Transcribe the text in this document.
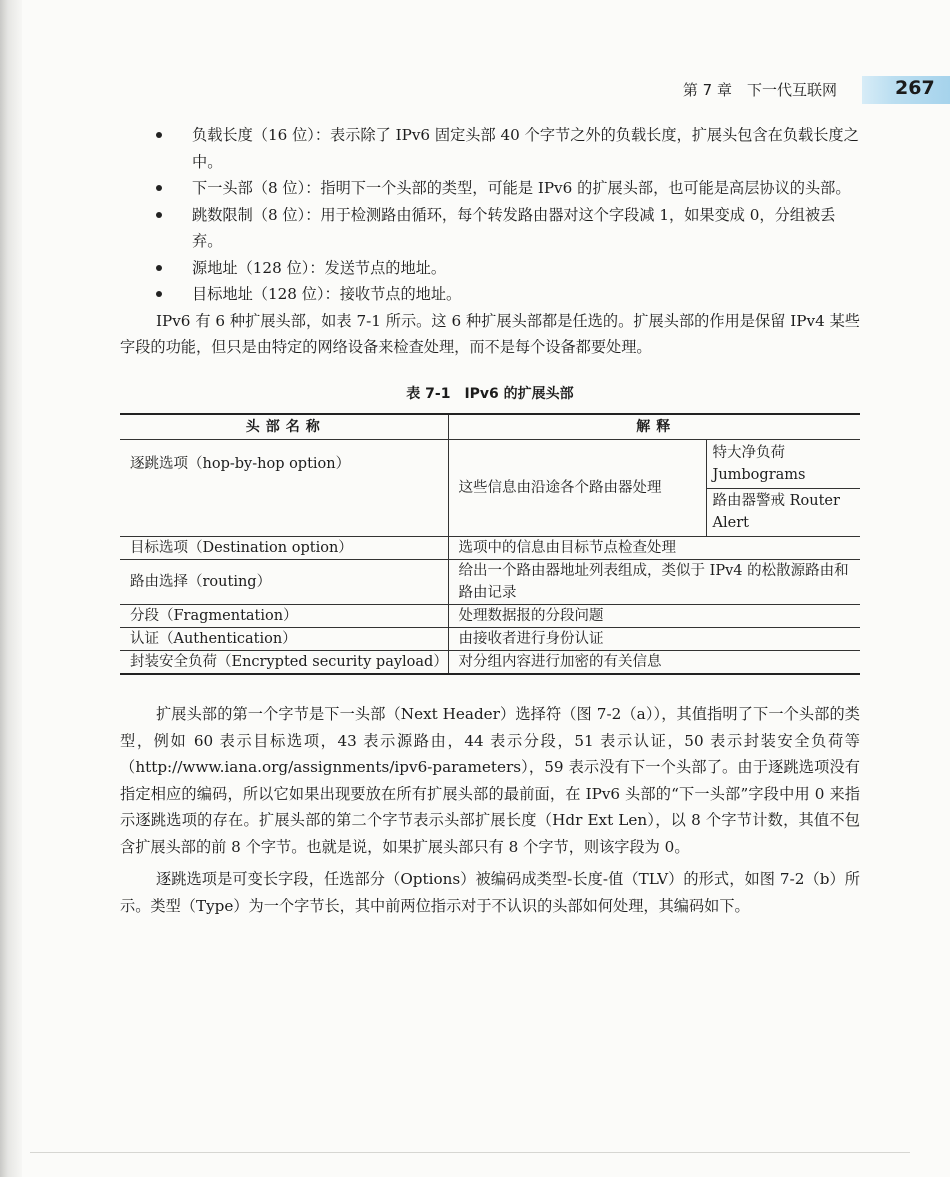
第 7 章　下一代互联网	267
负载长度（16 位）：表示除了 IPv6 固定头部 40 个字节之外的负载长度，扩展头包含在负载长度之中。
下一头部（8 位）：指明下一个头部的类型，可能是 IPv6 的扩展头部，也可能是高层协议的头部。
跳数限制（8 位）：用于检测路由循环，每个转发路由器对这个字段减 1，如果变成 0，分组被丢弃。
源地址（128 位）：发送节点的地址。
目标地址（128 位）：接收节点的地址。

IPv6 有 6 种扩展头部，如表 7-1 所示。这 6 种扩展头部都是任选的。扩展头部的作用是保留 IPv4 某些字段的功能，但只是由特定的网络设备来检查处理，而不是每个设备都要处理。

表 7-1　IPv6 的扩展头部
头部名称	解释	
逐跳选项（hop-by-hop option）	这些信息由沿途各个路由器处理	特大净负荷 Jumbograms
		路由器警戒 Router Alert
目标选项（Destination option）	选项中的信息由目标节点检查处理	
路由选择（routing）	给出一个路由器地址列表组成，类似于 IPv4 的松散源路由和路由记录	
分段（Fragmentation）	处理数据报的分段问题	
认证（Authentication）	由接收者进行身份认证	
封装安全负荷（Encrypted security payload）	对分组内容进行加密的有关信息	

扩展头部的第一个字节是下一头部（Next Header）选择符（图 7-2（a）），其值指明了下一个头部的类型，例如 60 表示目标选项，43 表示源路由，44 表示分段，51 表示认证，50 表示封装安全负荷等（http://www.iana.org/assignments/ipv6-parameters），59 表示没有下一个头部了。由于逐跳选项没有指定相应的编码，所以它如果出现要放在所有扩展头部的最前面，在 IPv6 头部的“下一头部”字段中用 0 来指示逐跳选项的存在。扩展头部的第二个字节表示头部扩展长度（Hdr Ext Len），以 8 个字节计数，其值不包含扩展头部的前 8 个字节。也就是说，如果扩展头部只有 8 个字节，则该字段为 0。

逐跳选项是可变长字段，任选部分（Options）被编码成类型-长度-值（TLV）的形式，如图 7-2（b）所示。类型（Type）为一个字节长，其中前两位指示对于不认识的头部如何处理，其编码如下。
